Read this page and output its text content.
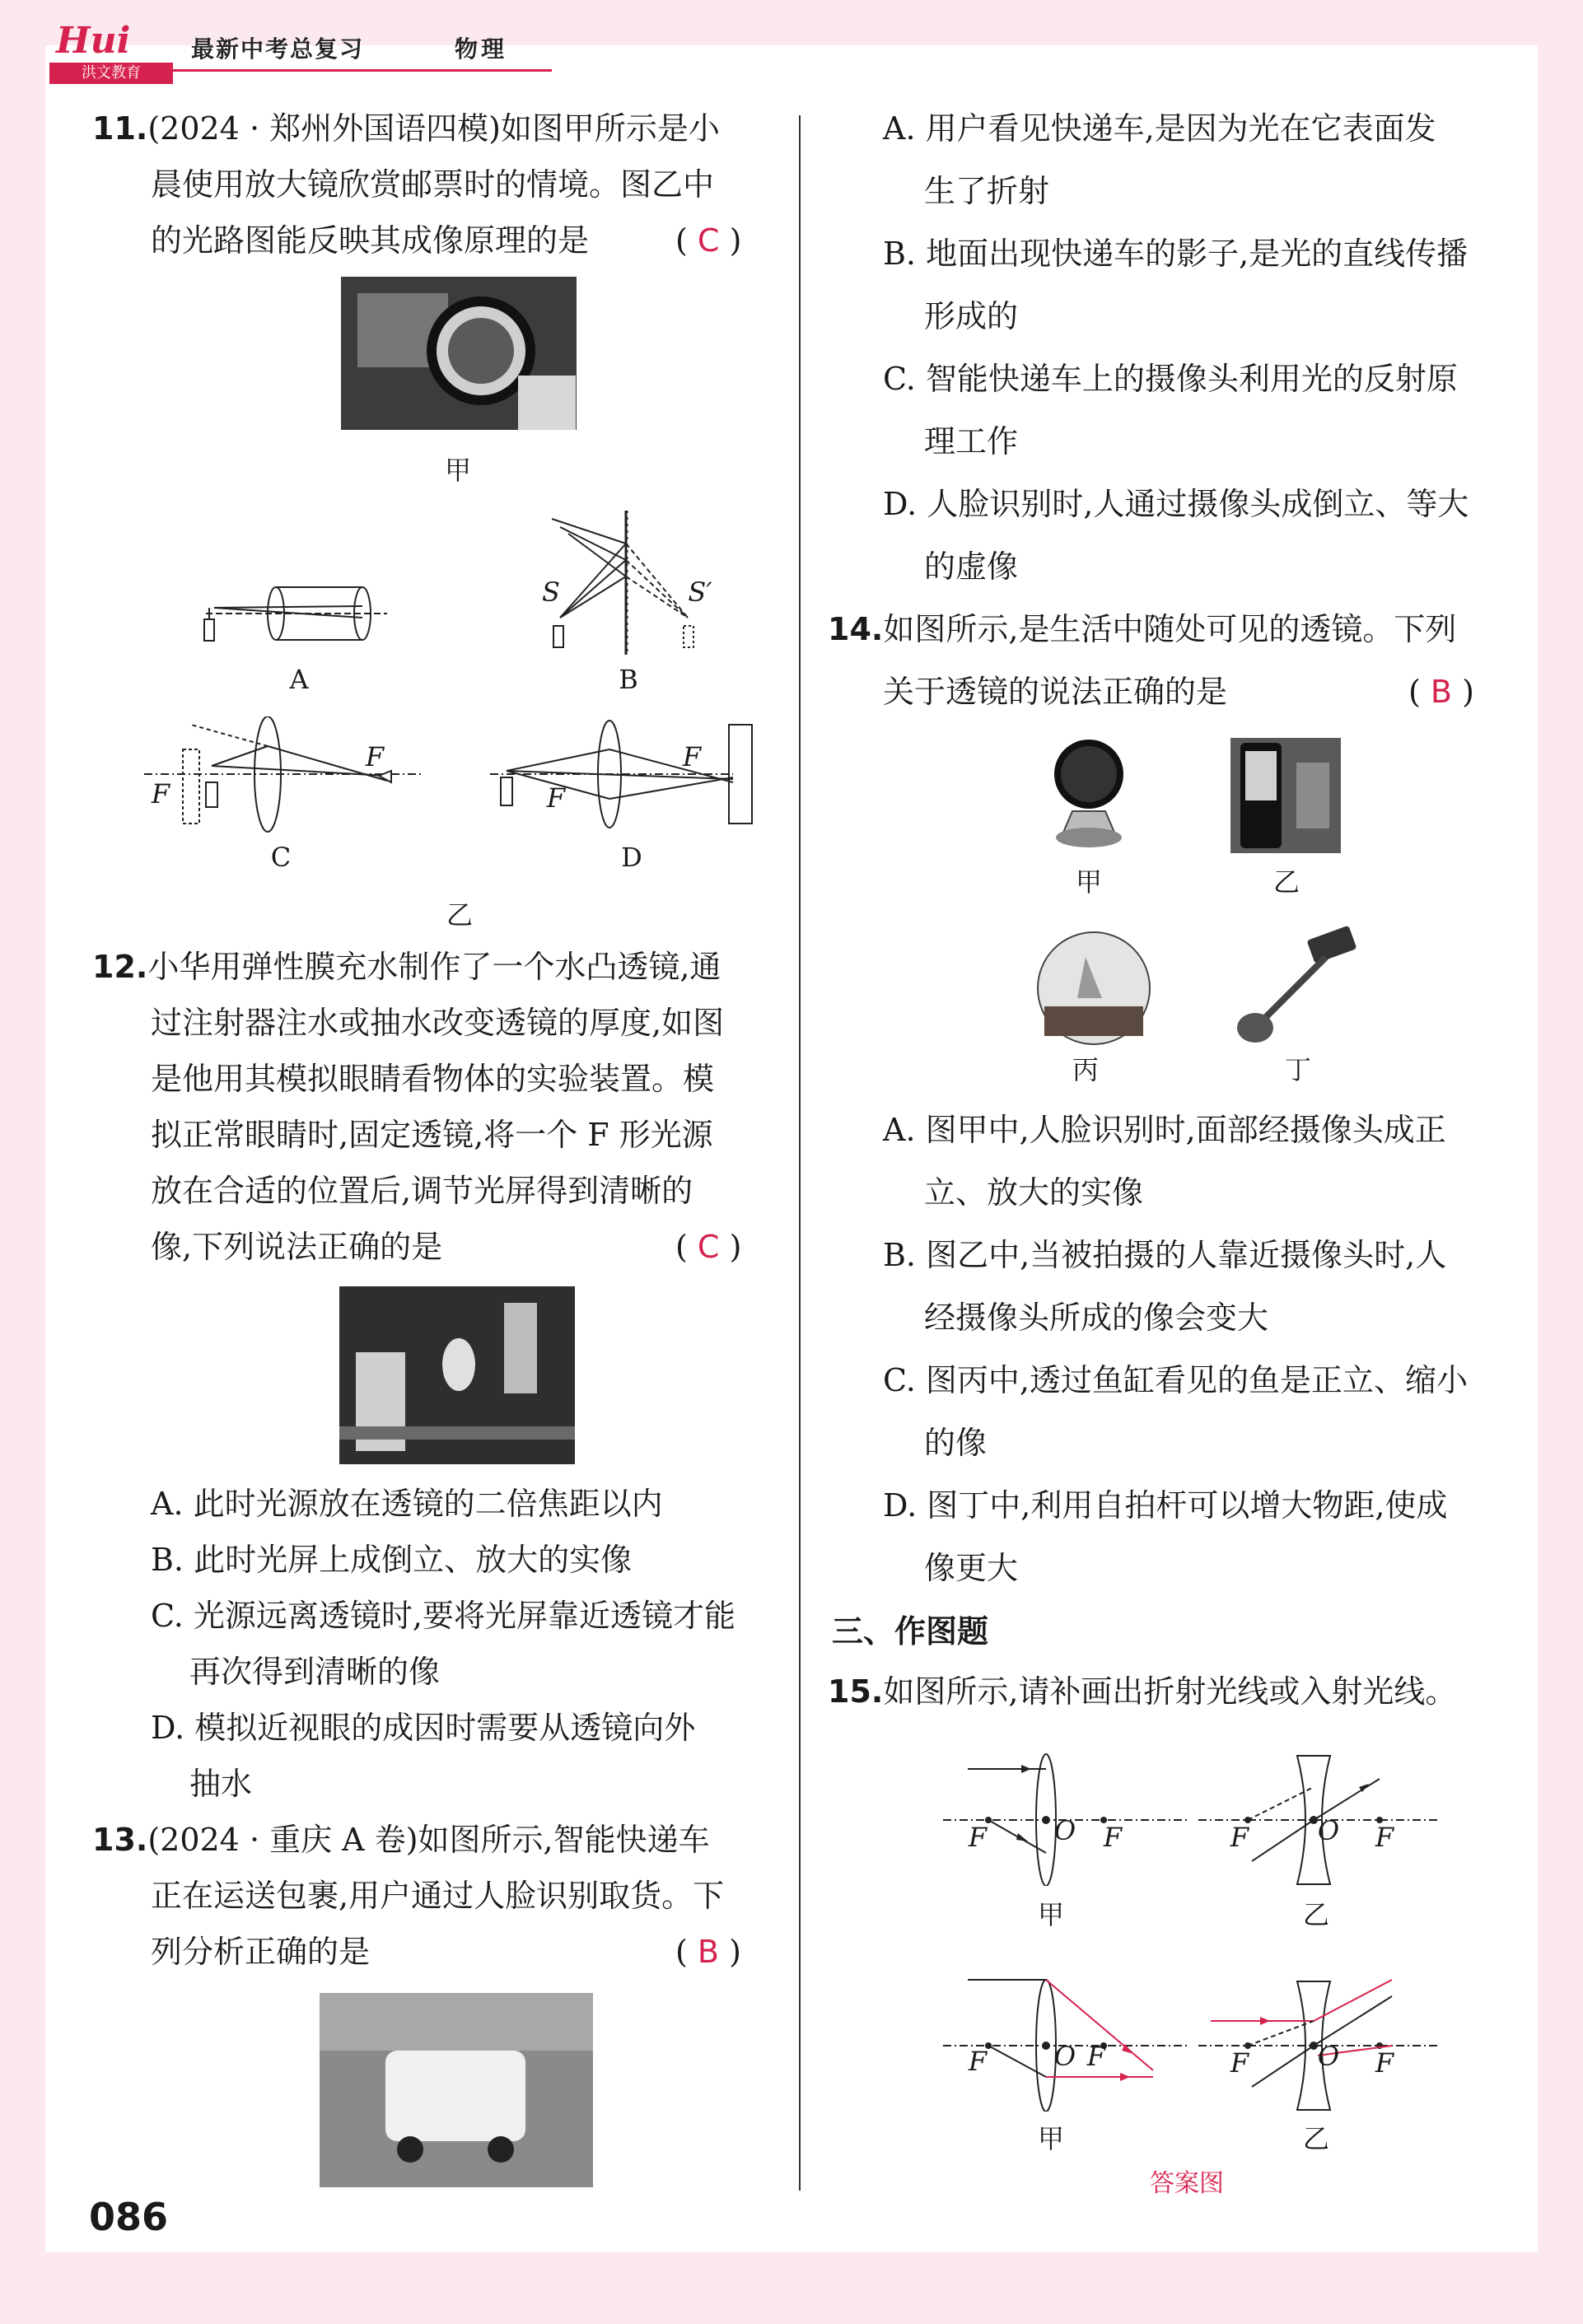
Hui
洪文教育
最新中考总复习	物理
11.(2024 · 郑州外国语四模)如图甲所示是小
晨使用放大镜欣赏邮票时的情境。图乙中
的光路图能反映其成像原理的是	( C )
甲
A
S	S′
B
F
F
C
F
F
D
乙
12.小华用弹性膜充水制作了一个水凸透镜,通
过注射器注水或抽水改变透镜的厚度,如图
是他用其模拟眼睛看物体的实验装置。模
拟正常眼睛时,固定透镜,将一个 F 形光源
放在合适的位置后,调节光屏得到清晰的
像,下列说法正确的是	( C )
A. 此时光源放在透镜的二倍焦距以内
B. 此时光屏上成倒立、放大的实像
C. 光源远离透镜时,要将光屏靠近透镜才能
再次得到清晰的像
D. 模拟近视眼的成因时需要从透镜向外
抽水
13.(2024 · 重庆 A 卷)如图所示,智能快递车
正在运送包裹,用户通过人脸识别取货。下
列分析正确的是	( B )
A. 用户看见快递车,是因为光在它表面发
生了折射
B. 地面出现快递车的影子,是光的直线传播
形成的
C. 智能快递车上的摄像头利用光的反射原
理工作
D. 人脸识别时,人通过摄像头成倒立、等大
的虚像
14.如图所示,是生活中随处可见的透镜。下列
关于透镜的说法正确的是	( B )
甲	乙
丙	丁
A. 图甲中,人脸识别时,面部经摄像头成正
立、放大的实像
B. 图乙中,当被拍摄的人靠近摄像头时,人
经摄像头所成的像会变大
C. 图丙中,透过鱼缸看见的鱼是正立、缩小
的像
D. 图丁中,利用自拍杆可以增大物距,使成
像更大
三、作图题
15.如图所示,请补画出折射光线或入射光线。
F	O F
甲
F	O F
乙
F	O F
甲
F	O F
乙
答案图
086
